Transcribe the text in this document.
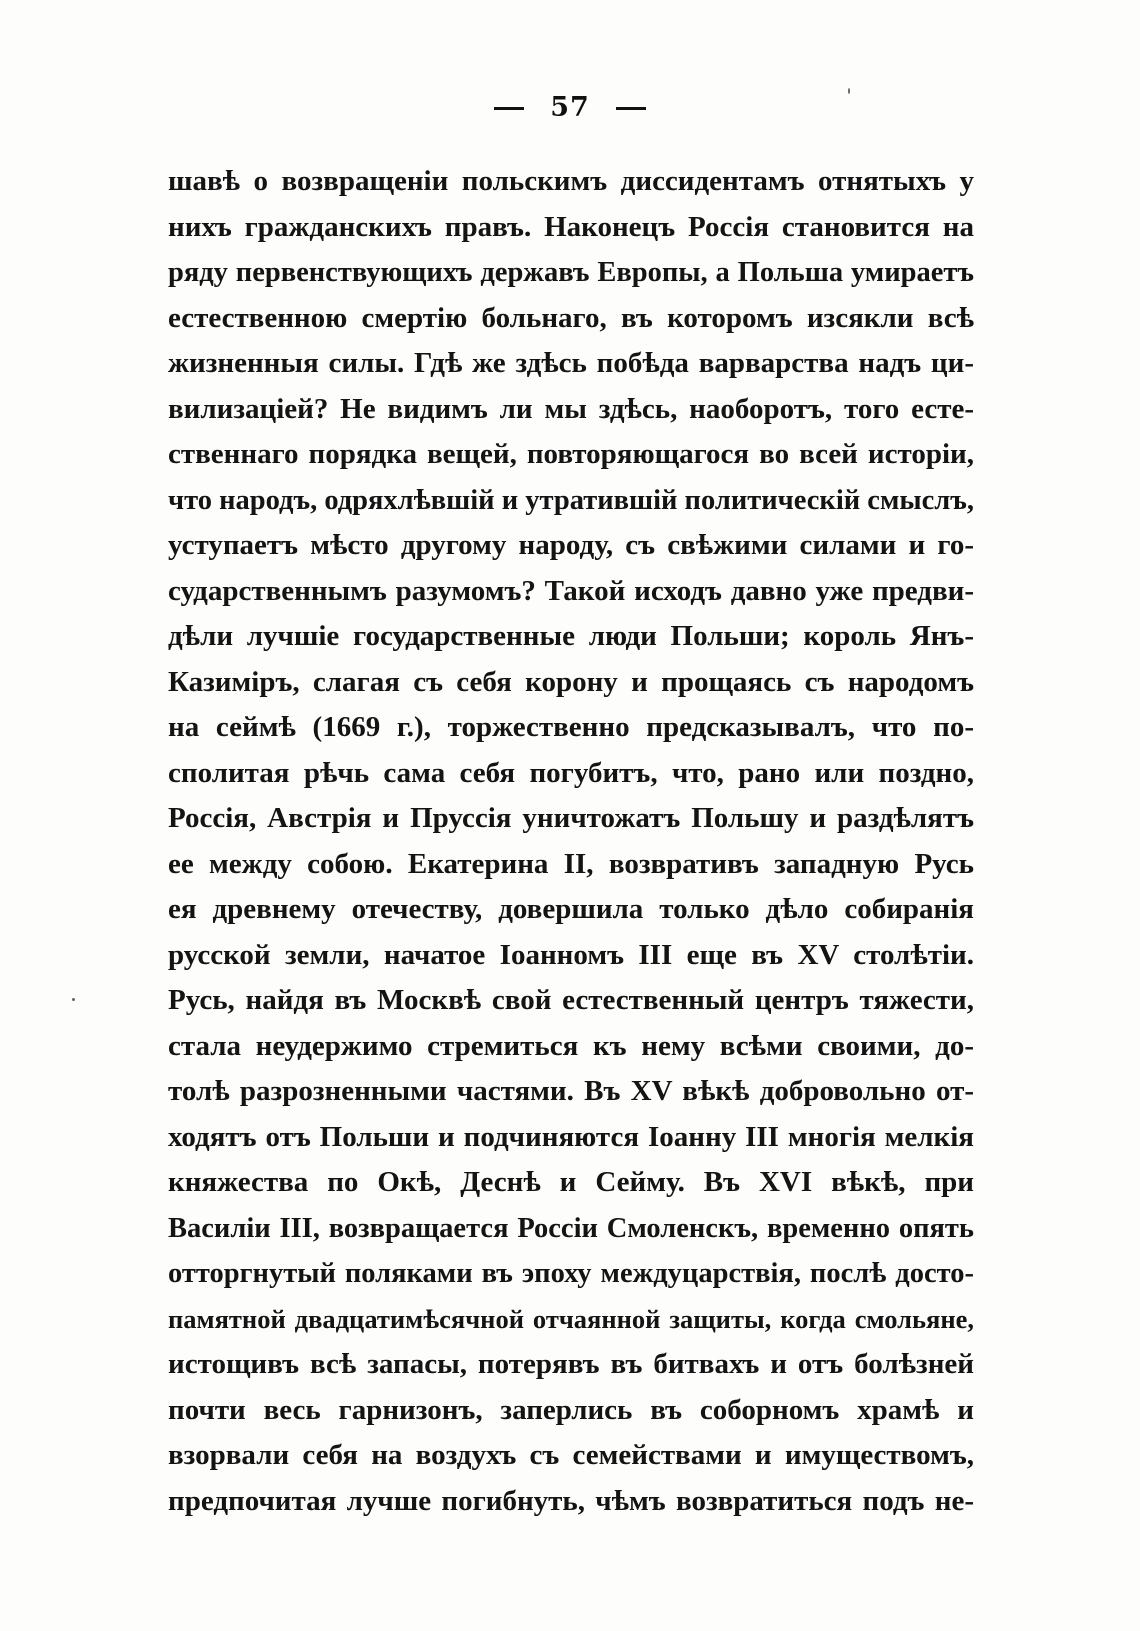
57
шавѣ о возвращеніи польскимъ диссидентамъ отнятыхъ у
нихъ гражданскихъ правъ. Наконецъ Россія становится на
ряду первенствующихъ державъ Европы, а Польша умираетъ
естественною смертію больнаго, въ которомъ изсякли всѣ
жизненныя силы. Гдѣ же здѣсь побѣда варварства надъ ци-
вилизаціей? Не видимъ ли мы здѣсь, наоборотъ, того есте-
ственнаго порядка вещей, повторяющагося во всей исторіи,
что народъ, одряхлѣвшій и утратившій политическій смыслъ,
уступаетъ мѣсто другому народу, съ свѣжими силами и го-
сударственнымъ разумомъ? Такой исходъ давно уже предви-
дѣли лучшіе государственные люди Польши; король Янъ-
Казиміръ, слагая съ себя корону и прощаясь съ народомъ
на сеймѣ (1669 г.), торжественно предсказывалъ, что по-
сполитая рѣчь сама себя погубитъ, что, рано или поздно,
Россія, Австрія и Пруссія уничтожатъ Польшу и раздѣлятъ
ее между собою. Екатерина II, возвративъ западную Русь
ея древнему отечеству, довершила только дѣло собиранія
русской земли, начатое Іоанномъ III еще въ XV столѣтіи.
Русь, найдя въ Москвѣ свой естественный центръ тяжести,
стала неудержимо стремиться къ нему всѣми своими, до-
толѣ разрозненными частями. Въ XV вѣкѣ добровольно от-
ходятъ отъ Польши и подчиняются Іоанну III многія мелкія
княжества по Окѣ, Деснѣ и Сейму. Въ XVI вѣкѣ, при
Василіи III, возвращается Россіи Смоленскъ, временно опять
отторгнутый поляками въ эпоху междуцарствія, послѣ досто-
памятной двадцатимѣсячной отчаянной защиты, когда смольяне,
истощивъ всѣ запасы, потерявъ въ битвахъ и отъ болѣзней
почти весь гарнизонъ, заперлись въ соборномъ храмѣ и
взорвали себя на воздухъ съ семействами и имуществомъ,
предпочитая лучше погибнуть, чѣмъ возвратиться подъ не-
